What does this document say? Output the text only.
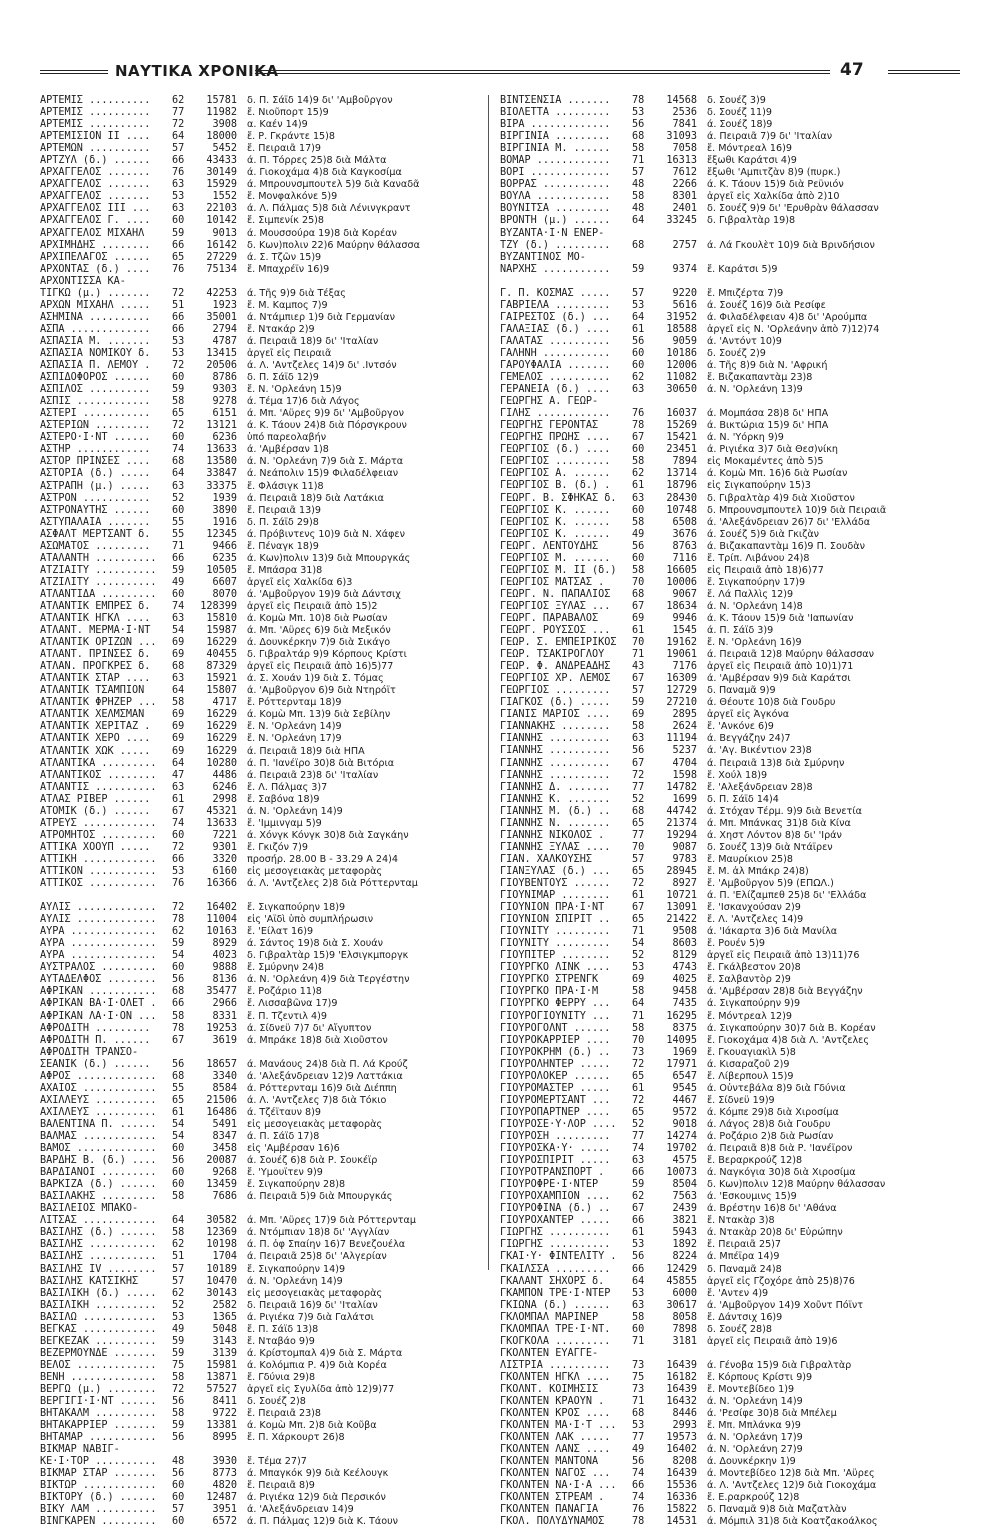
ΝΑΥΤΙΚΑ ΧΡΟΝΙΚΑ	47
ΑΡΤΕΜΙΣ ..........	62	15781 δ. Π. Σάϊδ 14)9 δι' 'Αμβοῦργον
ΑΡΤΕΜΙΣ ..........	77	11982 ἔ. Νιοῦπορτ 15)9
ΑΡΤΕΜΙΣ ..........	72	3908 α. Καέν 14)9
ΑΡΤΕΜΙΣΙΟΝ ΙΙ ....	64	18000 ἔ. Ρ. Γκράντε 15)8
ΑΡΤΕΜΩΝ ..........	57	5452 ἔ. Πειραιᾶ 17)9
ΑΡΤΖΥΛ (δ.) ......	66	43433 ά. Π. Τόρρες 25)8 διὰ Μάλτα
ΑΡΧΑΓΓΕΛΟΣ .......	76	30149 ά. Γιοκοχάμα 4)8 διὰ Καγκοσίμα
ΑΡΧΑΓΓΕΛΟΣ .......	63	15929 ά. Μπρουνσμπουτελ 5)9 διὰ Καναδᾶ
ΑΡΧΑΓΓΕΛΟΣ .......	53	1552 ἔ. Μονφαλκόνε 5)9
ΑΡΧΑΓΓΕΛΟΣ ΙΙΙ ...	63	22103 ά. Λ. Πάλμας 5)8 διὰ Λένινγκραντ
ΑΡΧΑΓΓΕΛΟΣ Γ. ....	60	10142 ἔ. Σιμπενίκ 25)8
ΑΡΧΑΓΓΕΛΟΣ ΜΙΧΑΗΛ	59	9013 ά. Μουσσούρα 19)8 διὰ Κορέαν
ΑΡΧΙΜΗΔΗΣ ........	66	16142 δ. Κων)πολιν 22)6 Μαύρην θάλασσα
ΑΡΧΙΠΕΛΑΓΟΣ ......	65	27229 ά. Σ. Τζῶν 15)9
ΑΡΧΟΝΤΑΣ (δ.) ....	76	75134 ἔ. Μπαχρέϊν 16)9
ΑΡΧΟΝΤΙΣΣΑ ΚΑ-
ΤΙΓΚΩ (μ.) .......	72	42253 ά. Τῆς 9)9 διὰ Τέξας
ΑΡΧΩΝ ΜΙΧΑΗΛ .....	51	1923 ἔ. Μ. Καμπος 7)9
ΑΣΗΜΙΝΑ ..........	66	35001 ά. Ντάμπιερ 1)9 διὰ Γερμανίαν
ΑΣΠΑ .............	66	2794 ἔ. Ντακάρ 2)9
ΑΣΠΑΣΙΑ Μ. .......	53	4787 ά. Πειραιᾶ 18)9 δι' 'Ιταλίαν
ΑΣΠΑΣΙΑ ΝΟΜΙΚΟΥ δ.	53	13415 ἀργεῖ εἰς Πειραιᾶ
ΑΣΠΑΣΙΑ Π. ΛΕΜΟΥ .	72	20506 ά. Λ. 'Αντζελες 14)9 δι' .Ιντσόν
ΑΣΠΙΔΟΦΟΡΟΣ ......	60	8786 δ. Π. Σάϊδ 12)9
ΑΣΠΙΛΟΣ ..........	59	9303 ἔ. Ν. 'Ορλεάνη 15)9
ΑΣΠΙΣ ............	58	9278 ά. Τέμα 17)6 διὰ Λάγος
ΑΣΤΕΡΙ ...........	65	6151 ά. Μπ. 'Αϋρες 9)9 δι' 'Αμβοῦργον
ΑΣΤΕΡΙΩΝ .........	72	13121 ά. Κ. Τάουν 24)8 διὰ Πόρσγκρουν
ΑΣΤΕΡΟ·Ι·ΝΤ ......	60	6236 ὑπό παρεολαβήν
ΑΣΤΗΡ ............	74	13633 ά. 'Αμβέρσαν 1)8
ΑΣΤΟΡ ΠΡΙΝΣΕΣ ....	68	13580 ά. Ν. 'Ορλεάνη 7)9 διὰ Σ. Μάρτα
ΑΣΤΟΡΙΑ (δ.) .....	64	33847 ά. Νεάπολιν 15)9 Φιλαδέλφειαν
ΑΣΤΡΑΠΗ (μ.) .....	63	33375 ἔ. Φλάσιγκ 11)8
ΑΣΤΡΟΝ ...........	52	1939 ά. Πειραιᾶ 18)9 διὰ Λατάκια
ΑΣΤΡΟΝΑΥΤΗΣ ......	60	3890 ἔ. Πειραιᾶ 13)9
ΑΣΤΥΠΑΛΑΙΑ .......	55	1916 δ. Π. Σάϊδ 29)8
ΑΣΦΑΛΤ ΜΕΡΤΣΑΝΤ δ.	55	12345 ά. Πρόβιντενς 10)9 διὰ Ν. Χάφεν
ΑΣΩΜΑΤΟΣ .........	71	9466 ἔ. Πέναγκ 18)9
ΑΤΑΛΑΝΤΗ ..........	66	6235 ά. Κων)πολιν 13)9 διὰ Μπουργκάς
ΑΤΖΙΑΙΤΥ ..........	59	10505 ἔ. Μπάσρα 31)8
ΑΤΖΙΛΙΤΥ ..........	49	6607 ἀργεῖ εἰς Χαλκίδα 6)3
ΑΤΛΑΝΤΙΔΑ .........	60	8070 ά. 'Αμβοῦργον 19)9 διὰ Δάντσιχ
ΑΤΛΑΝΤΙΚ ΕΜΠΡΕΣ δ.	74	128399 ἀργεῖ εἰς Πειραιᾶ ἀπὸ 15)2
ΑΤΛΑΝΤΙΚ ΗΓΚΛ ....	63	15810 ά. Κομὼ Μπ. 10)8 διὰ Ρωσίαν
ΑΤΛΑΝΤ. ΜΕΡΜΑ·Ι·ΝΤ	54	15987 ά. Μπ. 'Αϋρες 6)9 διὰ Μεξικόν
ΑΤΛΑΝΤΙΚ ΟΡΙΖΩΝ ...	69	16229 ά. Δουνκέρκην 7)9 διὰ Σικάγο
ΑΤΛΑΝΤ. ΠΡΙΝΣΕΣ δ.	69	40455 δ. Γιβραλτάρ 9)9 Κόρπους Κρίστι
ΑΤΛΑΝ. ΠΡΟΓΚΡΕΣ δ.	68	87329 ἀργεῖ εἰς Πειραιᾶ ἀπὸ 16)5)77
ΑΤΛΑΝΤΙΚ ΣΤΑΡ ....	63	15921 ά. Σ. Χουάν 1)9 διὰ Σ. Τόμας
ΑΤΛΑΝΤΙΚ ΤΣΑΜΠΙΟΝ	64	15807 ά. 'Αμβοῦργον 6)9 διὰ Ντηρόϊτ
ΑΤΛΑΝΤΙΚ ΦΡΗΖΕΡ ...	58	4717 ἔ. Ρόττερνταμ 18)9
ΑΤΛΑΝΤΙΚ ΧΕΛΜΣΜΑΝ	69	16229 ά. Κομὼ Μπ. 13)9 διὰ Σεβίλην
ΑΤΛΑΝΤΙΚ ΧΕΡΙΤΑΖ .	69	16229 ἔ. Ν. 'Ορλεάνη 14)9
ΑΤΛΑΝΤΙΚ ΧΕΡΟ ....	69	16229 ἔ. Ν. 'Ορλεάνη 17)9
ΑΤΛΑΝΤΙΚ ΧΩΚ .....	69	16229 ά. Πειραιᾶ 18)9 διὰ ΗΠΑ
ΑΤΛΑΝΤΙΚΑ .........	64	10280 ά. Π. 'Ιανέϊρο 30)8 διὰ Βιτόρια
ΑΤΛΑΝΤΙΚΟΣ ........	47	4486 ά. Πειραιᾶ 23)8 δι' 'Ιταλίαν
ΑΤΛΑΝΤΙΣ ..........	63	6246 ἔ. Λ. Πάλμας 3)7
ΑΤΛΑΣ ΡΙΒΕΡ ......	61	2998 ἔ. Σαβόνα 18)9
ΑΤΟΜΙΚ (δ.) ......	67	45321 ά. Ν. 'Ορλεάνη 14)9
ΑΤΡΕΥΣ ............	74	13633 ἔ. 'Ιμμινγαμ 5)9
ΑΤΡΟΜΗΤΟΣ .........	60	7221 ά. Χόνγκ Κόνγκ 30)8 διὰ Σαγκάην
ΑΤΤΙΚΑ ΧΟΟΥΠ .....	72	9301 ἔ. Γκιζόν 7)9
ΑΤΤΙΚΗ ............	66	3320 προσήρ. 28.00 Β - 33.29 Α 24)4
ΑΤΤΙΚΟΝ ...........	53	6160 εἰς μεσογειακὰς μεταφορὰς
ΑΤΤΙΚΟΣ ...........	76	16366 ά. Λ. 'Αντζελες 2)8 διὰ Ρόττερνταμ
ΑΥΛΙΣ .............	72	16402 ἔ. Σιγκαπούρην 18)9
ΑΥΛΙΣ .............	78	11004 εἰς 'Αϊδὶ ὑπὸ συμπλήρωσιν
ΑΥΡΑ ..............	62	10163 ἔ. 'Είλατ 16)9
ΑΥΡΑ ..............	59	8929 ά. Σάντος 19)8 διὰ Σ. Χουάν
ΑΥΡΑ ..............	54	4023 δ. Γιβραλτὰρ 15)9 'Ελσιγκμποργκ
ΑΥΣΤΡΑΛΟΣ .........	60	9888 ἔ. Σμύρνην 24)8
ΑΥΤΑΔΕΛΦΟΣ ........	56	8136 ά. Ν. 'Ορλεάνη 4)9 διὰ Τεργέστην
ΑΦΡΙΚΑΝ ...........	68	35477 ἔ. Ροζάριο 11)8
ΑΦΡΙΚΑΝ ΒΑ·Ι·ΟΛΕΤ .	66	2966 ἔ. Λισσαβῶνα 17)9
ΑΦΡΙΚΑΝ ΛΑ·Ι·ΟΝ ...	58	8331 ἔ. Π. Τζεντιλ 4)9
ΑΦΡΟΔΙΤΗ .........	78	19253 ά. Σίδνεϋ 7)7 δι' Αἴγυπτον
ΑΦΡΟΔΙΤΗ Π. ......	67	3619 ά. Μπράκε 18)8 διὰ Χιοῦστον
ΑΦΡΟΔΙΤΗ ΤΡΑΝΣΟ-
ΣΕΑΝΙΚ (δ.) ......	56	18657 ά. Μανάους 24)8 διὰ Π. Λά Κρούζ
ΑΦΡΟΣ .............	68	3340 ά. 'Αλεξάνδρειαν 12)9 Λαττάκια
ΑΧΑΙΟΣ ............	55	8584 ά. Ρόττερνταμ 16)9 διὰ Διέππη
ΑΧΙΛΛΕΥΣ ..........	65	21506 ά. Λ. 'Αντζελες 7)8 διὰ Τόκιο
ΑΧΙΛΛΕΥΣ ..........	61	16486 ά. Τζέϊταυν 8)9
ΒΑΛΕΝΤΙΝΑ Π. ......	54	5491 εἰς μεσογειακὰς μεταφορὰς
ΒΑΛΜΑΣ ............	54	8347 ά. Π. Σάϊδ 17)8
ΒΑΜΟΣ .............	60	3458 εἰς 'Αμβέρσαν 16)6
ΒΑΡΔΗΣ Β. (δ.) ....	56	20087 ά. Σουέζ 6)8 διὰ Ρ. Σουκέϊρ
ΒΑΡΔΙΑΝΟΙ .........	60	9268 ἔ. 'Υμουϊτεν 9)9
ΒΑΡΚΙΖΑ (δ.) ......	60	13459 ἔ. Σιγκαπούρην 28)8
ΒΑΣΙΛΑΚΗΣ .........	58	7686 ά. Πειραιᾶ 5)9 διὰ Μπουργκάς
ΒΑΣΙΛΕΙΟΣ ΜΠΑΚΟ-
ΛΙΤΣΑΣ ............	64	30582 ά. Μπ. 'Αϋρες 17)9 διὰ Ρόττερνταμ
ΒΑΣΙΛΗΣ (δ.) ......	58	12369 ά. Ντόμπιαν 18)8 δι' 'Αγγλίαν
ΒΑΣΙΛΗΣ ...........	62	10198 ά. Π. ὀφ Σπαίην 16)7 Βενεζουέλα
ΒΑΣΙΛΗΣ ...........	51	1704 ά. Πειραιᾶ 25)8 δι' 'Αλγερίαν
ΒΑΣΙΛΗΣ ΙV ........	57	10189 ἔ. Σιγκαπούρην 14)9
ΒΑΣΙΛΗΣ ΚΑΤΣΙΚΗΣ	57	10470 ά. Ν. 'Ορλεάνη 14)9
ΒΑΣΙΛΙΚΗ (δ.) .....	62	30143 εἰς μεσογειακὰς μεταφορὰς
ΒΑΣΙΛΙΚΗ ..........	52	2582 δ. Πειραιᾶ 16)9 δι' 'Ιταλίαν
ΒΑΣΙΛΩ ............	53	1365 ά. Ριγιέκα 7)9 διὰ Γαλάτσι
ΒΕΓΚΑΣ ............	49	5048 ἔ. Π. Σάϊδ 13)8
ΒΕΓΚΕΖΑΚ ..........	59	3143 ἔ. Νταβάο 9)9
ΒΕΖΕΡΜΟΥΝΔΕ .......	59	3139 ά. Κρίστομπαλ 4)9 διὰ Σ. Μάρτα
ΒΕΛΟΣ .............	75	15981 ά. Κολόμπια Ρ. 4)9 διὰ Κορέα
ΒΕΝΗ ..............	58	13871 ἔ. Γδύνια 29)8
ΒΕΡΓΩ (μ.) ........	72	57527 ἀργεῖ εἰς Σγυλίδα ἀπὸ 12)9)77
ΒΕΡΓΙΓΙ·Ι·ΝΤ ......	56	8411 δ. Σουέζ 2)8
ΒΗΤΑΚΑΛΜ ..........	58	9722 ἔ. Πειραιᾶ 23)8
ΒΗΤΑΚΑΡΡΙΕΡ .......	59	13381 ά. Κομὼ Μπ. 2)8 διὰ Κοῦβα
ΒΗΤΑΜΑΡ ...........	56	8995 ἔ. Π. Χάρκουρτ 26)8
ΒΙΚΜΑΡ ΝΑΒΙΓ-
ΚΕ·Ι·ΤΟΡ ..........	48	3930 ἔ. Τέμα 27)7
ΒΙΚΜΑΡ ΣΤΑΡ .......	56	8773 ά. Μπαγκόκ 9)9 διὰ Κεέλουγκ
ΒΙΚΤΩΡ ............	60	4820 ἔ. Πειραιᾶ 8)9
ΒΙΚΤΟΡΥ (δ.) ......	60	12487 ά. Ριγιέκα 12)9 διὰ Περσικόν
ΒΙΚΥ ΛΑΜ ..........	57	3951 ά. 'Αλεξάνδρειαν 14)9
ΒΙΝΓΚΑΡΕΝ .........	60	6572 ά. Π. Πάλμας 12)9 διὰ Κ. Τάουν
ΒΙΝΤΣΕΝΣΙΑ .......	78	14568 δ. Σουέζ 3)9
ΒΙΟΛΕΤΤΑ .........	53	2536 δ. Σουέζ 11)9
ΒΙΡΑ .............	56	7841 ά. Σουέζ 18)9
ΒΙΡΓΙΝΙΑ .........	68	31093 ά. Πειραιᾶ 7)9 δι' 'Ιταλίαν
ΒΙΡΓΙΝΙΑ Μ. ......	58	7058 ἔ. Μόντρεαλ 16)9
ΒΟΜΑΡ ............	71	16313 ἔξωθι Καράτσι 4)9
ΒΟΡΙ .............	57	7612 ἔξωθι 'Αμπιτζὰν 8)9 (πυρκ.)
ΒΟΡΡΑΣ ...........	48	2266 ά. Κ. Τάουν 15)9 διὰ Ρεϋνιόν
ΒΟΥΛΑ ............	58	8301 ἀργεῖ εἰς Χαλκίδα ἀπὸ 2)10
ΒΟΥΝΙΤΣΑ .........	48	2401 δ. Σουέζ 9)9 δι' 'Ερυθρὰν θάλασσαν
ΒΡΟΝΤΗ (μ.) ......	64	33245 δ. Γιβραλτὰρ 19)8
ΒΥΖΑΝΤΑ·Ι·Ν ΕΝΕΡ-
ΤΖΥ (δ.) .........	68	2757 ά. Λά Γκουλὲτ 10)9 διὰ Βρινδήσιον
ΒΥΖΑΝΤΙΝΟΣ ΜΟ-
ΝΑΡΧΗΣ ...........	59	9374 ἔ. Καράτσι 5)9
Γ. Π. ΚΟΣΜΑΣ .....	57	9220 ἔ. Μπιζέρτα 7)9
ΓΑΒΡΙΕΛΑ .........	53	5616 ά. Σουέζ 16)9 διὰ Ρεσίφε
ΓΑΙΡΕΣΤΟΣ (δ.) ...	64	31952 ά. Φιλαδέλφειαν 4)8 δι' 'Αρούμπα
ΓΑΛΑΞΙΑΣ (δ.) ....	61	18588 ἀργεῖ εἰς Ν. 'Ορλεάνην ἀπὸ 7)12)74
ΓΑΛΑΤΑΣ ..........	56	9059 ά. 'Αντόντ 10)9
ΓΑΛΗΝΗ ...........	60	10186 δ. Σουέζ 2)9
ΓΑΡΟΥΦΑΛΙΑ .......	60	12006 ά. Τῆς 8)9 διὰ Ν. 'Αφρική
ΓΕΜΕΛΟΣ ..........	62	11082 ἔ. Βιζακαπαντὰμ 23)8
ΓΕΡΑΝΕΙΑ (δ.) ....	63	30650 ά. Ν. 'Ορλεάνη 13)9
ΓΕΩΡΓΗΣ Α. ΓΕΩΡ-
ΓΙΛΗΣ ............	76	16037 ά. Μομπάσα 28)8 δι' ΗΠΑ
ΓΕΩΡΓΗΣ ΓΕΡΟΝΤΑΣ	78	15269 ά. Βικτώρια 15)9 δι' ΗΠΑ
ΓΕΩΡΓΗΣ ΠΡΩΗΣ ....	67	15421 ά. Ν. 'Υόρκη 9)9
ΓΕΩΡΓΙΟΣ (δ.) ....	60	23451 ά. Ριγιέκα 3)7 διὰ Θεσ)νίκη
ΓΕΩΡΓΙΟΣ .........	58	7894 εἰς Μοκαμέντες ἀπὸ 5)5
ΓΕΩΡΓΙΟΣ Α. ......	62	13714 ά. Κομὼ Μπ. 16)6 διὰ Ρωσίαν
ΓΕΩΡΓΙΟΣ Β. (δ.) .	61	18796 εἰς Σιγκαπούρην 15)3
ΓΕΩΡΓ. Β. ΣΦΗΚΑΣ δ.	63	28430 δ. Γιβραλτὰρ 4)9 διὰ Χιοῦστον
ΓΕΩΡΓΙΟΣ Κ. ......	60	10748 δ. Μπρουνσμπουτελ 10)9 διὰ Πειραιᾶ
ΓΕΩΡΓΙΟΣ Κ. ......	58	6508 ά. 'Αλεξάνδρειαν 26)7 δι' 'Ελλάδα
ΓΕΩΡΓΙΟΣ Κ. ......	49	3676 ά. Σουέζ 5)9 διὰ Γκιζὰν
ΓΕΩΡΓ. ΛΕΝΤΟΥΔΗΣ	56	8763 ά. Βιζακαπαντὰμ 16)9 Π. Σουδὰν
ΓΕΩΡΓΙΟΣ Μ. ......	60	7116 ἔ. Τρίπ. Λιβάνου 24)8
ΓΕΩΡΓΙΟΣ Μ. ΙΙ (δ.)	58	16605 εἰς Πειραιᾶ ἀπὸ 18)6)77
ΓΕΩΡΓΙΟΣ ΜΑΤΣΑΣ .	70	10006 ἔ. Σιγκαπούρην 17)9
ΓΕΩΡΓ. Ν. ΠΑΠΑΛΙΟΣ	68	9067 ἔ. Λά Παλλὶς 12)9
ΓΕΩΡΓΙΟΣ ΞΥΛΑΣ ...	67	18634 ά. Ν. 'Ορλεάνη 14)8
ΓΕΩΡΓ. ΠΑΡΑΒΑΛΟΣ	69	9946 ά. Κ. Τάουν 15)9 διὰ 'Ιαπωνίαν
ΓΕΩΡΓ. ΡΟΥΣΣΟΣ ...	61	1545 ά. Π. Σάϊδ 3)9
ΓΕΩΡ. Σ. ΕΜΠΕΙΡΙΚΟΣ	70	19162 ἔ. Ν. 'Ορλεάνη 16)9
ΓΕΩΡ. ΤΣΑΚΙΡΟΓΛΟΥ	71	19061 ά. Πειραιᾶ 12)8 Μαύρην θάλασσαν
ΓΕΩΡ. Φ. ΑΝΔΡΕΑΔΗΣ	43	7176 ἀργεῖ εἰς Πειραιᾶ ἀπὸ 10)1)71
ΓΕΩΡΓΙΟΣ ΧΡ. ΛΕΜΟΣ	67	16309 ά. 'Αμβέρσαν 9)9 διὰ Καράτσι
ΓΕΩΡΓΙΟΣ .........	57	12729 δ. Παναμᾶ 9)9
ΓΙΑΓΚΟΣ (δ.) .....	59	27210 ά. Θέουτε 10)8 διὰ Γουδρυ
ΓΙΑΝΙΣ ΜΑΡΙΟΣ ....	69	2895 ἀργεῖ εἰς Ἀγκόνα
ΓΙΑΝΝΑΚΗΣ ........	58	2624 ἔ. 'Ανκόνε 6)9
ΓΙΑΝΝΗΣ ..........	63	11194 ά. Βεγγάζην 24)7
ΓΙΑΝΝΗΣ ..........	56	5237 ά. 'Αγ. Βικέντιον 23)8
ΓΙΑΝΝΗΣ ..........	67	4704 ά. Πειραιᾶ 13)8 διὰ Σμύρνην
ΓΙΑΝΝΗΣ ..........	72	1598 ἔ. Χούλ 18)9
ΓΙΑΝΝΗΣ Δ. .......	77	14782 ἔ. 'Αλεξάνδρειαν 28)8
ΓΙΑΝΝΗΣ Κ. .......	52	1699 δ. Π. Σάϊδ 14)4
ΓΙΑΝΝΗΣ Μ. (δ.) ..	68	44742 ά. Στόχαν Τέρμ. 9)9 διὰ Βενετία
ΓΙΑΝΝΗΣ Ν. .......	65	21374 ά. Μπ. Μπάνκας 31)8 διὰ Κίνα
ΓΙΑΝΝΗΣ ΝΙΚΟΛΟΣ .	77	19294 ά. Χηστ Λόντον 8)8 δι' 'Ιράν
ΓΙΑΝΝΗΣ ΞΥΛΑΣ ....	70	9087 δ. Σουέζ 13)9 διὰ Ντάϊρεν
ΓΙΑΝ. ΧΑΛΚΟΥΣΗΣ	57	9783 ἔ. Μαυρίκιον 25)8
ΓΙΑΝΞΥΛΑΣ (δ.) ...	65	28945 ἔ. Μ. ἀλ Μπάκρ 24)8)
ΓΙΟΥΒΕΝΤΟΥΣ ......	72	8927 ἔ. 'Αμβοῦργον 5)9 (ΕΠΩΛ.)
ΓΙΟΥΝΙΜΑΡ ........	61	10721 ά. Π. 'Ελίζαμπεθ 25)8 δι' 'Ελλάδα
ΓΙΟΥΝΙΟΝ ΠΡΑ·Ι·ΝΤ	67	13091 ἔ. 'Ισκανχούσαν 2)9
ΓΙΟΥΝΙΟΝ ΣΠΙΡΙΤ ..	65	21422 ἔ. Λ. 'Αντζελες 14)9
ΓΙΟΥΝΙΤΥ .........	71	9508 ά. 'Ιάκαρτα 3)6 διὰ Μανίλα
ΓΙΟΥΝΙΤΥ .........	54	8603 ἔ. Ρουέν 5)9
ΓΙΟΥΠΙΤΕΡ ........	52	8129 ἀργεῖ εἰς Πειραιᾶ ἀπὸ 13)11)76
ΓΙΟΥΡΓΚΟ ΛΙΝΚ ....	53	4743 ἔ. Γκάλβεστον 20)8
ΓΙΟΥΡΓΚΟ ΣΤΡΕΝΓΚ	69	4025 ἔ. Σαλβαντὸρ 2)9
ΓΙΟΥΡΓΚΟ ΠΡΑ·Ι·Μ	58	9458 ά. 'Αμβέρσαν 28)8 διὰ Βεγγάζην
ΓΙΟΥΡΓΚΟ ΦΕΡΡΥ ...	64	7435 ά. Σιγκαπούρην 9)9
ΓΙΟΥΡΟΓΙΟΥΝΙΤΥ ...	71	16295 ἔ. Μόντρεαλ 12)9
ΓΙΟΥΡΟΓΟΛΝΤ ......	58	8375 ά. Σιγκαπούρην 30)7 διὰ Β. Κορέαν
ΓΙΟΥΡΟΚΑΡΡΙΕΡ ....	70	14095 ἔ. Γιοκοχάμα 4)8 διὰ Λ. 'Αντζελες
ΓΙΟΥΡΟΚΡΗΜ (δ.) ..	73	1969 ἔ. Γκουαγιακὶλ 5)8
ΓΙΟΥΡΟΛΗΝΤΕΡ .....	72	17971 ά. Κισαραζοῦ 2)9
ΓΙΟΥΡΟΛΟΚΕΡ ......	65	6547 ἔ. Λίβερπουλ 15)9
ΓΙΟΥΡΟΜΑΣΤΕΡ .....	61	9545 ά. Οὐντεβάλα 8)9 διὰ Γδύνια
ΓΙΟΥΡΟΜΕΡΤΣΑΝΤ ...	72	4467 ἔ. Σίδνεϋ 19)9
ΓΙΟΥΡΟΠΑΡΤΝΕΡ ....	65	9572 ά. Κόμπε 29)8 διὰ Χιροσίμα
ΓΙΟΥΡΟΣΕ·Υ·ΛΟΡ ....	52	9018 ά. Λάγος 28)8 διὰ Γουδρυ
ΓΙΟΥΡΟΣΗ .........	77	14274 ά. Ροζάριο 2)8 διὰ Ρωσίαν
ΓΙΟΥΡΟΣΚΑ·Υ· .....	74	19702 ά. Πειραιᾶ 8)8 διὰ Ρ. 'Ιανέϊρον
ΓΙΟΥΡΟΣΠΙΡΙΤ .....	63	4575 ἔ. Βεραρκρούζ 12)8
ΓΙΟΥΡΟΤΡΑΝΣΠΟΡΤ .	66	10073 ά. Ναγκόγια 30)8 διὰ Χιροσίμα
ΓΙΟΥΡΟΦΡΕ·Ι·ΝΤΕΡ	59	8504 δ. Κων)πολιν 12)8 Μαύρην θάλασσαν
ΓΙΟΥΡΟΧΑΜΠΙΟΝ ....	62	7563 ά. 'Εσκουμινς 15)9
ΓΙΟΥΡΟΦΙΝΑ (δ.) ..	67	2439 ά. Βρέστην 16)8 δι' 'Αθάνα
ΓΙΟΥΡΟΧΑΝΤΕΡ .....	66	3821 ἔ. Ντακὰρ 3)8
ΓΙΩΡΓΗΣ ..........	61	5943 ά. Ντακὰρ 20)8 δι' Εὐρώπην
ΓΙΩΡΓΗΣ ..........	53	1892 ἔ. Πειραιᾶ 25)7
ΓΚΑΙ·Υ· ΦΙΝΤΕΛΙΤΥ .	56	8224 ά. Μπέϊρα 14)9
ΓΚΑΙΛΣΣΑ .........	66	12429 δ. Παναμᾶ 24)8
ΓΚΑΛΑΝΤ ΣΗΧΟΡΣ δ.	64	45855 ἀργεῖ εἰς Γζοχόρε ἀπὸ 25)8)76
ΓΚΑΜΠΟΝ ΤΡΕ·Ι·ΝΤΕΡ	53	6000 ἔ. 'Αντεν 4)9
ΓΚΙΩΝΑ (δ.) ......	63	30617 ά. 'Αμβοῦργον 14)9 Χοῦντ Πόϊντ
ΓΚΛΟΜΠΑΛ ΜΑΡΙΝΕΡ	58	8058 ἔ. Δάντσιχ 16)9
ΓΚΛΟΜΠΑΛ ΤΡΕ·Ι·ΝΤ.	60	7898 δ. Σουέζ 28)8
ΓΚΟΓΚΟΛΑ .........	71	3181 ἀργεῖ εἰς Πειραιᾶ ἀπὸ 19)6
ΓΚΟΛΝΤΕΝ ΕΥΑΓΓΕ-
ΛΙΣΤΡΙΑ ..........	73	16439 ά. Γένοβα 15)9 διὰ Γιβραλτὰρ
ΓΚΟΛΝΤΕΝ ΗΓΚΛ ....	75	16182 ἔ. Κόρπους Κρίστι 9)9
ΓΚΟΛΝΤ. ΚΟΙΜΗΣΙΣ	73	16439 ἔ. Μοντεβίδεο 1)9
ΓΚΟΛΝΤΕΝ ΚΡΑΟΥΝ .	71	16432 ά. Ν. 'Ορλεάνη 14)9
ΓΚΟΛΝΤΕΝ ΚΡΟΣ ....	68	8446 ά. 'Ρεσίφε 30)8 διὰ Μπέλεμ
ΓΚΟΛΝΤΕΝ ΜΑ·Ι·Τ ...	53	2993 ἔ. Μπ. Μπλάνκα 9)9
ΓΚΟΛΝΤΕΝ ΛΑΚ .....	77	19573 ά. Ν. 'Ορλεάνη 17)9
ΓΚΟΛΝΤΕΝ ΛΑΝΣ ....	49	16402 ά. Ν. 'Ορλεάνη 27)9
ΓΚΟΛΝΤΕΝ ΜΑΝΤΟΝΑ	56	8208 ά. Δουνκέρκην 1)9
ΓΚΟΛΝΤΕΝ ΝΑΓΟΣ ...	74	16439 ά. Μοντεβίδεο 12)8 διὰ Μπ. 'Αϋρες
ΓΚΟΛΝΤΕΝ ΝΑ·Ι·Α ...	66	15536 ά. Λ. 'Αντζελες 12)9 διὰ Γιοκοχάμα
ΓΚΟΛΝΤΕΝ ΣΤΡΕΑΜ .	74	16336 ἔ. Ε.ραρκρούζ 12)8
ΓΚΟΛΝΤΕΝ ΠΑΝΑΓΙΑ	76	15822 δ. Παναμᾶ 9)8 διὰ Μαζατλὰν
ΓΚΟΛ. ΠΟΛΥΔΥΝΑΜΟΣ	78	14531 ά. Μόμπιλ 31)8 διὰ Κοατζακοάλκος
